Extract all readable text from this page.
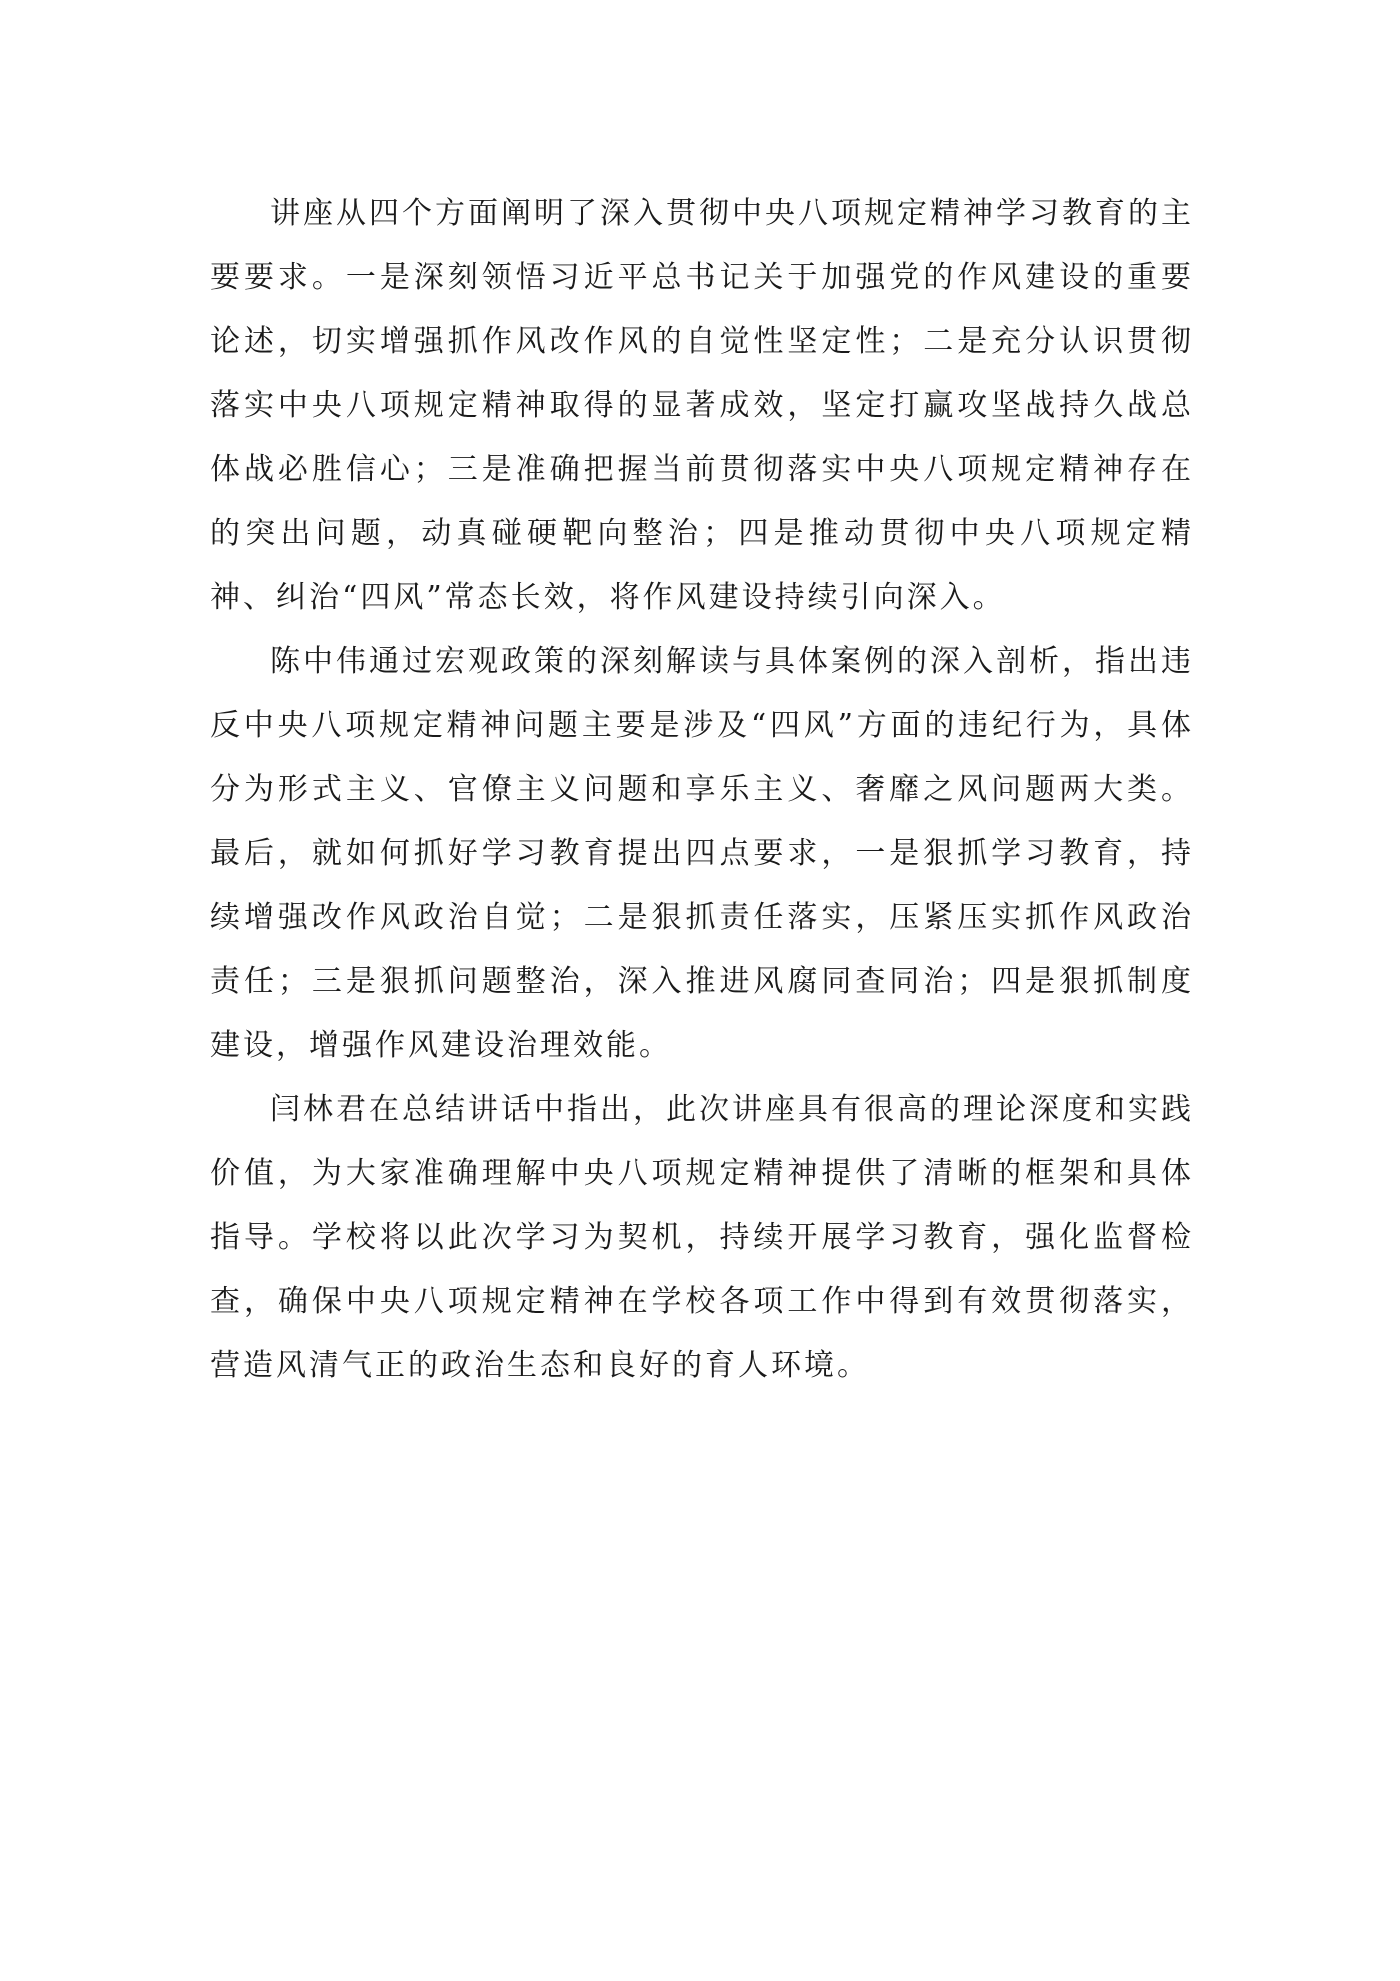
讲座从四个方面阐明了深入贯彻中央八项规定精神学习教育的主要要求。一是深刻领悟习近平总书记关于加强党的作风建设的重要论述，切实增强抓作风改作风的自觉性坚定性；二是充分认识贯彻落实中央八项规定精神取得的显著成效，坚定打赢攻坚战持久战总体战必胜信心；三是准确把握当前贯彻落实中央八项规定精神存在的突出问题，动真碰硬靶向整治；四是推动贯彻中央八项规定精神、纠治“四风”常态长效，将作风建设持续引向深入。

陈中伟通过宏观政策的深刻解读与具体案例的深入剖析，指出违反中央八项规定精神问题主要是涉及“四风”方面的违纪行为，具体分为形式主义、官僚主义问题和享乐主义、奢靡之风问题两大类。最后，就如何抓好学习教育提出四点要求，一是狠抓学习教育，持续增强改作风政治自觉；二是狠抓责任落实，压紧压实抓作风政治责任；三是狠抓问题整治，深入推进风腐同查同治；四是狠抓制度建设，增强作风建设治理效能。

闫林君在总结讲话中指出，此次讲座具有很高的理论深度和实践价值，为大家准确理解中央八项规定精神提供了清晰的框架和具体指导。学校将以此次学习为契机，持续开展学习教育，强化监督检查，确保中央八项规定精神在学校各项工作中得到有效贯彻落实，营造风清气正的政治生态和良好的育人环境。
